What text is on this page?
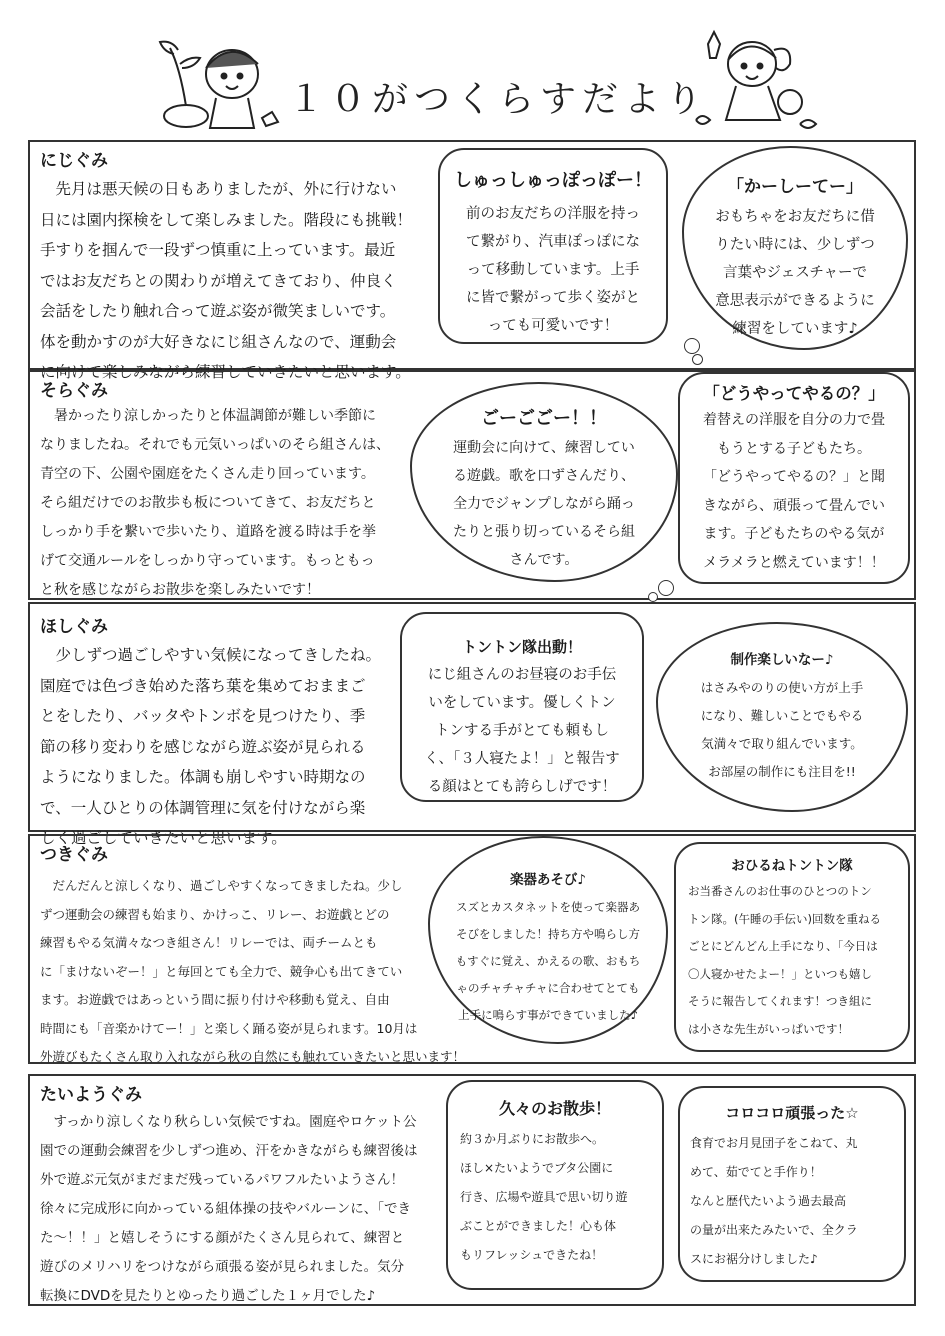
１０がつくらすだより
にじぐみ

　先月は悪天候の日もありましたが、外に行けない

日には園内探検をして楽しみました。階段にも挑戦！

手すりを掴んで一段ずつ慎重に上っています。最近

ではお友だちとの関わりが増えてきており、仲良く

会話をしたり触れ合って遊ぶ姿が微笑ましいです。

体を動かすのが大好きなにじ組さんなので、運動会

に向けて楽しみながら練習していきたいと思います。

しゅっしゅっぽっぽー！

前のお友だちの洋服を持っ

て繋がり、汽車ぽっぽにな

って移動しています。上手

に皆で繋がって歩く姿がと

っても可愛いです！

「かーしーてー」

おもちゃをお友だちに借

りたい時には、少しずつ

言葉やジェスチャーで

意思表示ができるように

練習をしています♪

そらぐみ

　暑かったり涼しかったりと体温調節が難しい季節に

なりましたね。それでも元気いっぱいのそら組さんは、

青空の下、公園や園庭をたくさん走り回っています。

そら組だけでのお散歩も板についてきて、お友だちと

しっかり手を繋いで歩いたり、道路を渡る時は手を挙

げて交通ルールをしっかり守っています。もっともっ

と秋を感じながらお散歩を楽しみたいです！

ごーごごー！！

運動会に向けて、練習してい

る遊戯。歌を口ずさんだり、

全力でジャンプしながら踊っ

たりと張り切っているそら組

さんです。

「どうやってやるの？」

着替えの洋服を自分の力で畳

もうとする子どもたち。

「どうやってやるの？」と聞

きながら、頑張って畳んでい

ます。子どもたちのやる気が

メラメラと燃えています！！

ほしぐみ

　少しずつ過ごしやすい気候になってきしたね。

園庭では色づき始めた落ち葉を集めておままご

とをしたり、バッタやトンボを見つけたり、季

節の移り変わりを感じながら遊ぶ姿が見られる

ようになりました。体調も崩しやすい時期なの

で、一人ひとりの体調管理に気を付けながら楽

しく過ごしていきたいと思います。

トントン隊出動！

にじ組さんのお昼寝のお手伝

いをしています。優しくトン

トンする手がとても頼もし

く、「３人寝たよ！」と報告す

る顔はとても誇らしげです！

制作楽しいなー♪

はさみやのりの使い方が上手

になり、難しいことでもやる

気満々で取り組んでいます。

お部屋の制作にも注目を!!

つきぐみ

　だんだんと涼しくなり、過ごしやすくなってきましたね。少し

ずつ運動会の練習も始まり、かけっこ、リレー、お遊戯とどの

練習もやる気満々なつき組さん！リレーでは、両チームとも

に「まけないぞー！」と毎回とても全力で、競争心も出てきてい

ます。お遊戯ではあっという間に振り付けや移動も覚え、自由

時間にも「音楽かけてー！」と楽しく踊る姿が見られます。10月は

外遊びもたくさん取り入れながら秋の自然にも触れていきたいと思います！

楽器あそび♪

スズとカスタネットを使って楽器あ

そびをしました！持ち方や鳴らし方

もすぐに覚え、かえるの歌、おもち

ゃのチャチャチャに合わせてとても

上手に鳴らす事ができていました♪

おひるねトントン隊

お当番さんのお仕事のひとつのトン

トン隊。(午睡の手伝い)回数を重ねる

ごとにどんどん上手になり、「今日は

〇人寝かせたよー！」といつも嬉し

そうに報告してくれます！つき組に

は小さな先生がいっぱいです！

たいようぐみ

　すっかり涼しくなり秋らしい気候ですね。園庭やロケット公

園での運動会練習を少しずつ進め、汗をかきながらも練習後は

外で遊ぶ元気がまだまだ残っているパワフルたいようさん！

徐々に完成形に向かっている組体操の技やバルーンに、「でき

た～！！」と嬉しそうにする顔がたくさん見られて、練習と

遊びのメリハリをつけながら頑張る姿が見られました。気分

転換にDVDを見たりとゆったり過ごした１ヶ月でした♪

久々のお散歩！

約３か月ぶりにお散歩へ。

ほし×たいようでブタ公園に

行き、広場や遊具で思い切り遊

ぶことができました！心も体

もリフレッシュできたね！

コロコロ頑張った☆

食育でお月見団子をこねて、丸

めて、茹でてと手作り！

なんと歴代たいよう過去最高

の量が出来たみたいで、全クラ

スにお裾分けしました♪
